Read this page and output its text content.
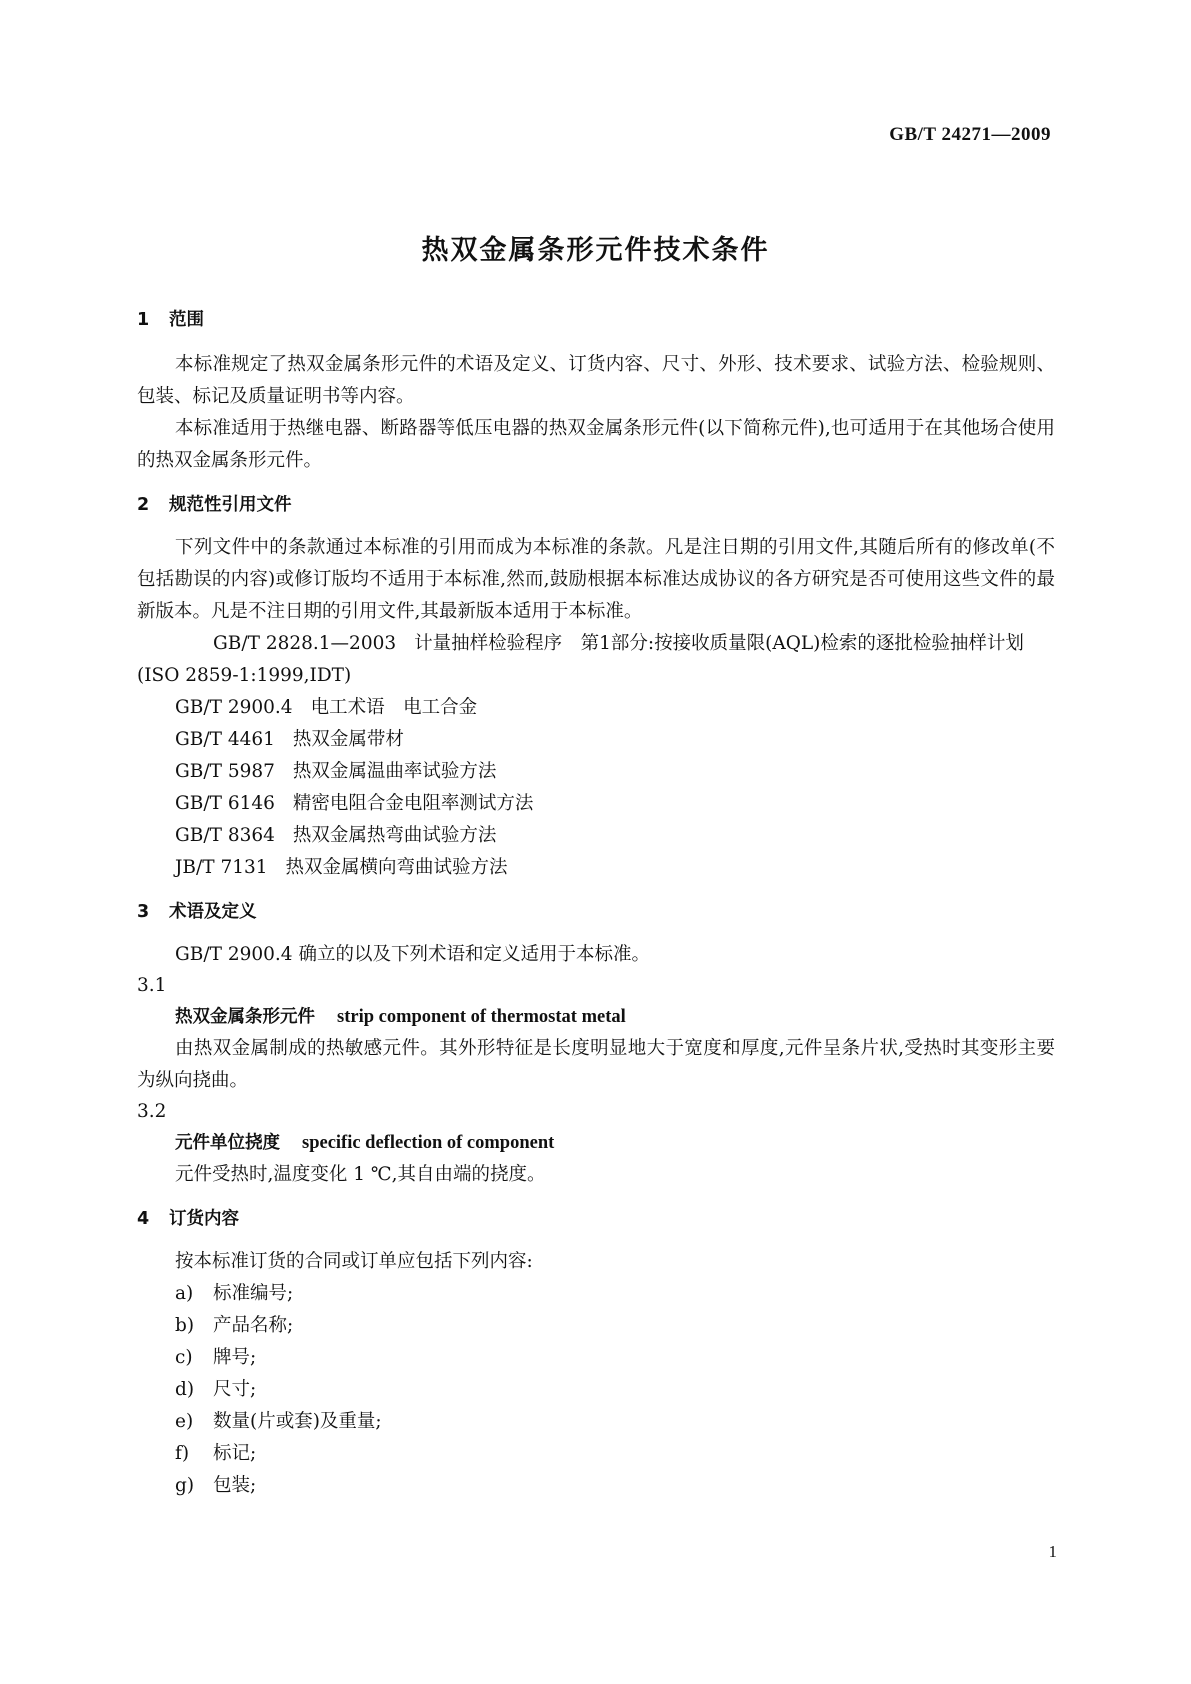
GB/T 24271—2009
热双金属条形元件技术条件
1 范围

本标准规定了热双金属条形元件的术语及定义、订货内容、尺寸、外形、技术要求、试验方法、检验规则、包装、标记及质量证明书等内容。

本标准适用于热继电器、断路器等低压电器的热双金属条形元件(以下简称元件),也可适用于在其他场合使用的热双金属条形元件。

2 规范性引用文件

下列文件中的条款通过本标准的引用而成为本标准的条款。凡是注日期的引用文件,其随后所有的修改单(不包括勘误的内容)或修订版均不适用于本标准,然而,鼓励根据本标准达成协议的各方研究是否可使用这些文件的最新版本。凡是不注日期的引用文件,其最新版本适用于本标准。

GB/T 2828.1—2003 计量抽样检验程序　第1部分:按接收质量限(AQL)检索的逐批检验抽样计划(ISO 2859-1:1999,IDT)
GB/T 2900.4 电工术语　电工合金
GB/T 4461 热双金属带材
GB/T 5987 热双金属温曲率试验方法
GB/T 6146 精密电阻合金电阻率测试方法
GB/T 8364 热双金属热弯曲试验方法
JB/T 7131 热双金属横向弯曲试验方法
3 术语及定义

GB/T 2900.4 确立的以及下列术语和定义适用于本标准。

3.1
热双金属条形元件 strip component of thermostat metal

由热双金属制成的热敏感元件。其外形特征是长度明显地大于宽度和厚度,元件呈条片状,受热时其变形主要为纵向挠曲。

3.2
元件单位挠度 specific deflection of component

元件受热时,温度变化 1 ℃,其自由端的挠度。

4 订货内容

按本标准订货的合同或订单应包括下列内容:

a) 标准编号;
b) 产品名称;
c) 牌号;
d) 尺寸;
e) 数量(片或套)及重量;
f) 标记;
g) 包装;
1
